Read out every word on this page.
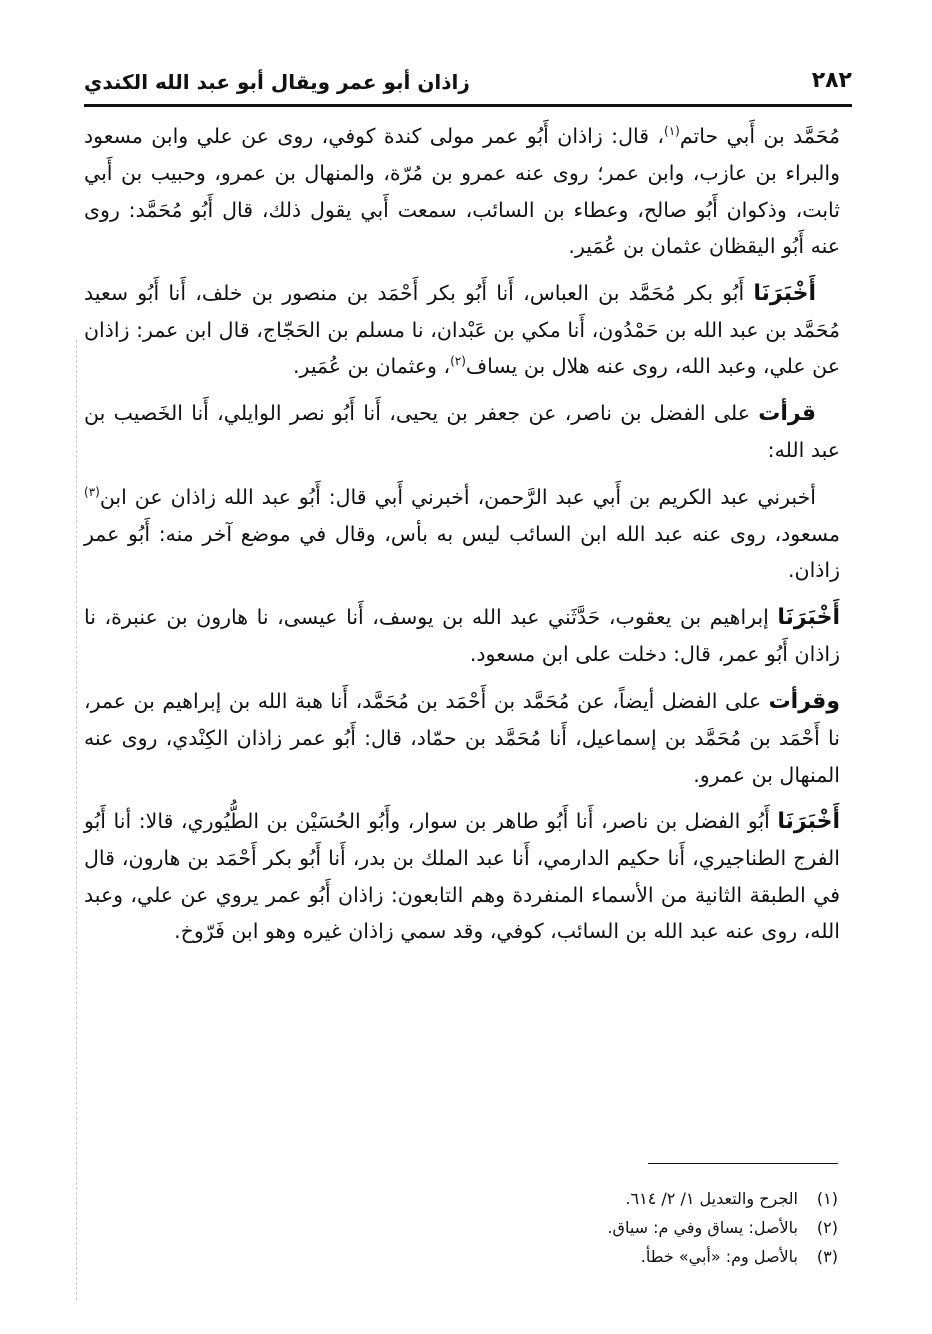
٢٨٢
زاذان أبو عمر ويقال أبو عبد الله الكندي

مُحَمَّد بن أَبي حاتم$^{(١)}$، قال: زاذان أَبُو عمر مولى كندة كوفي، روى عن علي وابن مسعود والبراء بن عازب، وابن عمر؛ روى عنه عمرو بن مُرّة، والمنهال بن عمرو، وحبيب بن أَبي ثابت، وذكوان أَبُو صالح، وعطاء بن السائب، سمعت أَبي يقول ذلك، قال أَبُو مُحَمَّد: روى عنه أَبُو اليقظان عثمان بن عُمَير.

أَخْبَرَنَا أَبُو بكر مُحَمَّد بن العباس، أَنا أَبُو بكر أَحْمَد بن منصور بن خلف، أَنا أَبُو سعيد مُحَمَّد بن عبد الله بن حَمْدُون، أَنا مكي بن عَبْدان، نا مسلم بن الحَجّاج، قال ابن عمر: زاذان عن علي، وعبد الله، روى عنه هلال بن يساف$^{(٢)}$، وعثمان بن عُمَير.

قرأت على الفضل بن ناصر، عن جعفر بن يحيى، أَنا أَبُو نصر الوايلي، أَنا الخَصيب بن عبد الله:

أخبرني عبد الكريم بن أَبي عبد الرَّحمن، أخبرني أَبي قال: أَبُو عبد الله زاذان عن ابن$^{(٣)}$ مسعود، روى عنه عبد الله ابن السائب ليس به بأس، وقال في موضع آخر منه: أَبُو عمر زاذان.

أَخْبَرَنَا إبراهيم بن يعقوب، حَدَّثَني عبد الله بن يوسف، أَنا عيسى، نا هارون بن عنبرة، نا زاذان أَبُو عمر، قال: دخلت على ابن مسعود.

وقرأت على الفضل أيضاً، عن مُحَمَّد بن أَحْمَد بن مُحَمَّد، أَنا هبة الله بن إبراهيم بن عمر، نا أَحْمَد بن مُحَمَّد بن إسماعيل، أَنا مُحَمَّد بن حمّاد، قال: أَبُو عمر زاذان الكِنْدي، روى عنه المنهال بن عمرو.

أَخْبَرَنَا أَبُو الفضل بن ناصر، أَنا أَبُو طاهر بن سوار، وأَبُو الحُسَيْن بن الطُّيُوري، قالا: أنا أَبُو الفرج الطناجيري، أَنا حكيم الدارمي، أَنا عبد الملك بن بدر، أَنا أَبُو بكر أَحْمَد بن هارون، قال في الطبقة الثانية من الأسماء المنفردة وهم التابعون: زاذان أَبُو عمر يروي عن علي، وعبد الله، روى عنه عبد الله بن السائب، كوفي، وقد سمي زاذان غيره وهو ابن فَرّوخ.

(١)الجرح والتعديل ١/ ٢/ ٦١٤.
(٢)بالأصل: يساق وفي م: سياق.
(٣)بالأصل وم: «أبي» خطأ.
